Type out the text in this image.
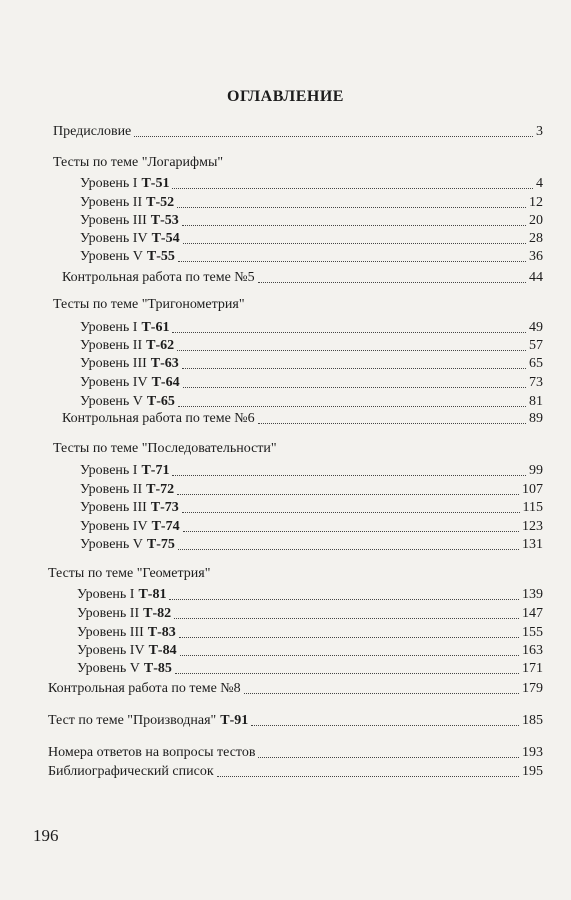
ОГЛАВЛЕНИЕ
Предисловие	3
Тесты по теме "Логарифмы"
Уровень I Т-51	4
Уровень II Т-52	12
Уровень III Т-53	20
Уровень IV Т-54	28
Уровень V Т-55	36
Контрольная работа по теме №5	44
Тесты по теме "Тригонометрия"
Уровень I Т-61	49
Уровень II Т-62	57
Уровень III Т-63	65
Уровень IV Т-64	73
Уровень V Т-65	81
Контрольная работа по теме №6	89
Тесты по теме "Последовательности"
Уровень I Т-71	99
Уровень II Т-72	107
Уровень III Т-73	115
Уровень IV Т-74	123
Уровень V Т-75	131
Тесты по теме "Геометрия"
Уровень I Т-81	139
Уровень II Т-82	147
Уровень III Т-83	155
Уровень IV Т-84	163
Уровень V Т-85	171
Контрольная работа по теме №8	179
Тест по теме "Производная" Т-91	185
Номера ответов на вопросы тестов	193
Библиографический список	195
196
